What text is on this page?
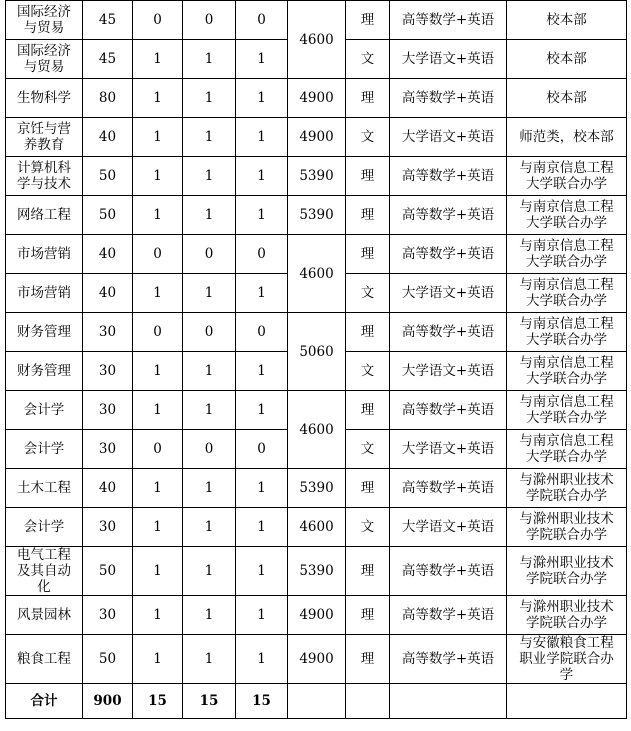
国际经济
与贸易	45	0	0	0	4600	理	高等数学+英语	校本部
国际经济
与贸易	45	1	1	1		文	大学语文+英语	校本部
生物科学	80	1	1	1	4900	理	高等数学+英语	校本部
京饪与营
养教育	40	1	1	1	4900	文	大学语文+英语	师范类，校本部
计算机科
学与技术	50	1	1	1	5390	理	高等数学+英语	与南京信息工程
大学联合办学
网络工程	50	1	1	1	5390	理	高等数学+英语	与南京信息工程
大学联合办学
市场营销	40	0	0	0	4600	理	高等数学+英语	与南京信息工程
大学联合办学
市场营销	40	1	1	1		文	大学语文+英语	与南京信息工程
大学联合办学
财务管理	30	0	0	0	5060	理	高等数学+英语	与南京信息工程
大学联合办学
财务管理	30	1	1	1		文	大学语文+英语	与南京信息工程
大学联合办学
会计学	30	1	1	1	4600	理	高等数学+英语	与南京信息工程
大学联合办学
会计学	30	0	0	0		文	大学语文+英语	与南京信息工程
大学联合办学
土木工程	40	1	1	1	5390	理	高等数学+英语	与滁州职业技术
学院联合办学
会计学	30	1	1	1	4600	文	大学语文+英语	与滁州职业技术
学院联合办学
电气工程
及其自动
化	50	1	1	1	5390	理	高等数学+英语	与滁州职业技术
学院联合办学
风景园林	30	1	1	1	4900	理	高等数学+英语	与滁州职业技术
学院联合办学
粮食工程	50	1	1	1	4900	理	高等数学+英语	与安徽粮食工程
职业学院联合办
学
合计	900	15	15	15				
